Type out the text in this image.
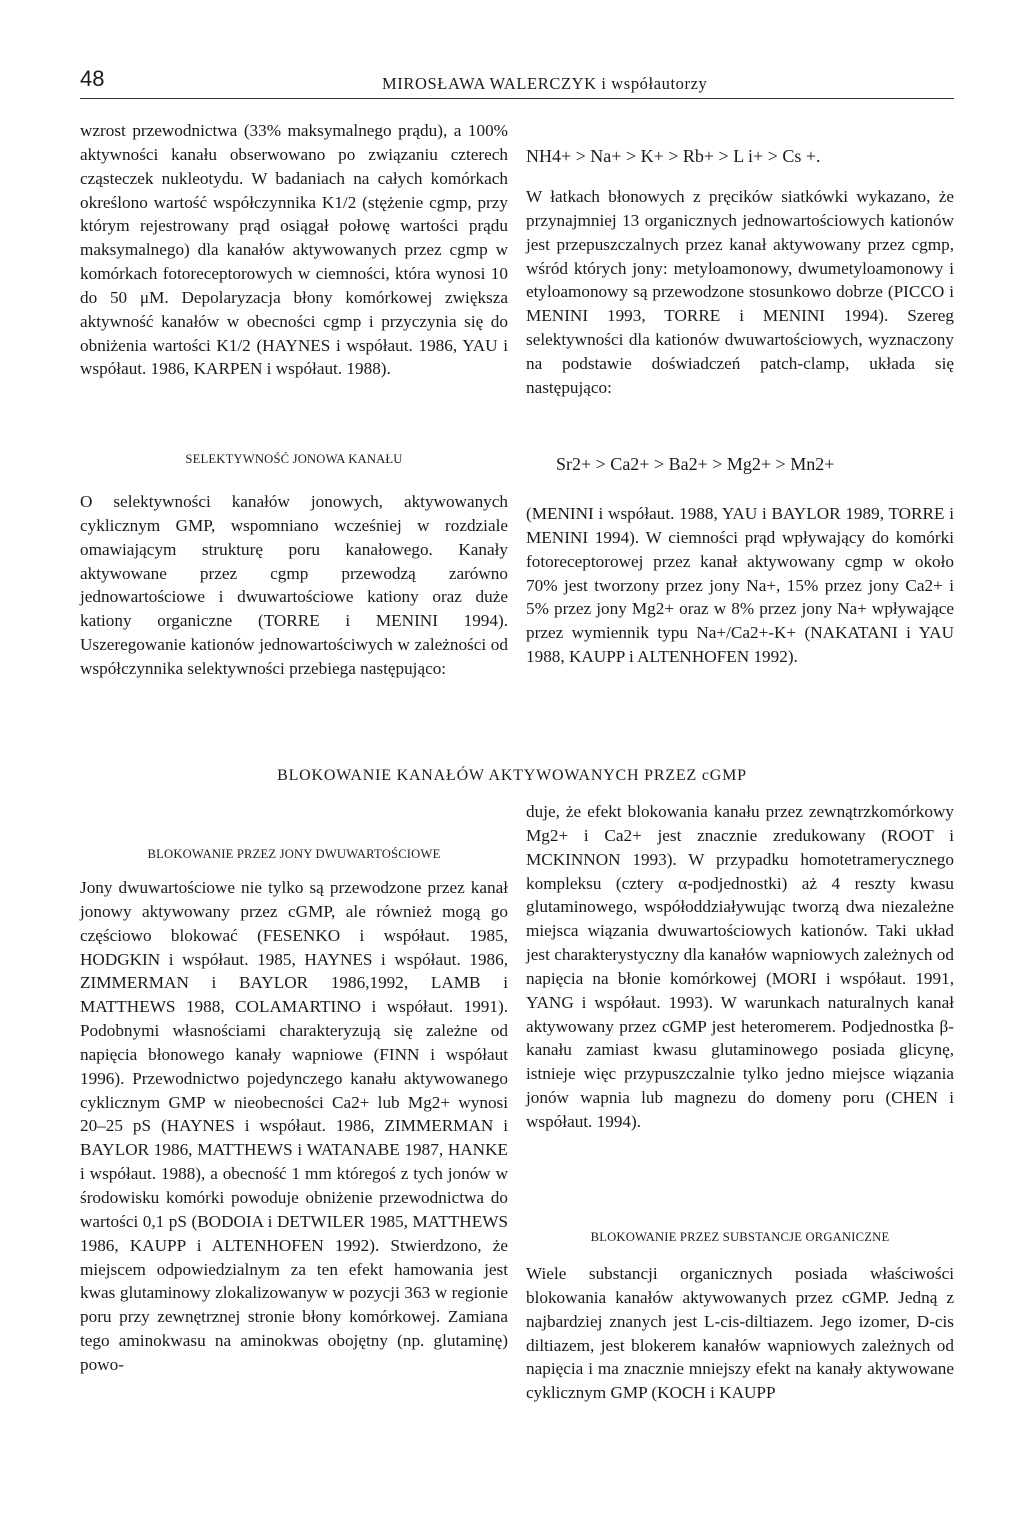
48	MIROSŁAWA WALERCZYK i współautorzy

wzrost przewodnictwa (33% maksymalnego prądu), a 100% aktywności kanału obserwowano po związaniu czterech cząsteczek nukleotydu. W badaniach na całych komórkach określono wartość współczynnika K1/2 (stężenie cgmp, przy którym rejestrowany prąd osiągał połowę wartości prądu maksymalnego) dla kanałów aktywowanych przez cgmp w komórkach fotoreceptorowych w ciemności, która wynosi 10 do 50 μM. Depolaryzacja błony komórkowej zwiększa aktywność kanałów w obecności cgmp i przyczynia się do obniżenia wartości K1/2 (HAYNES i współaut. 1986, YAU i współaut. 1986, KARPEN i współaut. 1988).

SELEKTYWNOŚĆ JONOWA KANAŁU

O selektywności kanałów jonowych, aktywowanych cyklicznym GMP, wspomniano wcześniej w rozdziale omawiającym strukturę poru kanałowego. Kanały aktywowane przez cgmp przewodzą zarówno jednowartościowe i dwuwartościowe kationy oraz duże kationy organiczne (TORRE i MENINI 1994). Uszeregowanie kationów jednowartościwych w zależności od współczynnika selektywności przebiega następująco:

NH4+ > Na+ > K+ > Rb+ > L i+ > Cs +.

W łatkach błonowych z pręcików siatkówki wykazano, że przynajmniej 13 organicznych jednowartościowych kationów jest przepuszczalnych przez kanał aktywowany przez cgmp, wśród których jony: metyloamonowy, dwumetyloamonowy i etyloamonowy są przewodzone stosunkowo dobrze (PICCO i MENINI 1993, TORRE i MENINI 1994). Szereg selektywności dla kationów dwuwartościowych, wyznaczony na podstawie doświadczeń patch-clamp, układa się następująco:

Sr2+ > Ca2+ > Ba2+ > Mg2+ > Mn2+

(MENINI i współaut. 1988, YAU i BAYLOR 1989, TORRE i MENINI 1994). W ciemności prąd wpływający do komórki fotoreceptorowej przez kanał aktywowany cgmp w około 70% jest tworzony przez jony Na+, 15% przez jony Ca2+ i 5% przez jony Mg2+ oraz w 8% przez jony Na+ wpływające przez wymiennik typu Na+/Ca2+-K+ (NAKATANI i YAU 1988, KAUPP i ALTENHOFEN 1992).

BLOKOWANIE KANAŁÓW AKTYWOWANYCH PRZEZ cGMP

BLOKOWANIE PRZEZ JONY DWUWARTOŚCIOWE

Jony dwuwartościowe nie tylko są przewodzone przez kanał jonowy aktywowany przez cGMP, ale również mogą go częściowo blokować (FESENKO i współaut. 1985, HODGKIN i współaut. 1985, HAYNES i współaut. 1986, ZIMMERMAN i BAYLOR 1986,1992, LAMB i MATTHEWS 1988, COLAMARTINO i współaut. 1991). Podobnymi własnościami charakteryzują się zależne od napięcia błonowego kanały wapniowe (FINN i współaut 1996). Przewodnictwo pojedynczego kanału aktywowanego cyklicznym GMP w nieobecności Ca2+ lub Mg2+ wynosi 20–25 pS (HAYNES i współaut. 1986, ZIMMERMAN i BAYLOR 1986, MATTHEWS i WATANABE 1987, HANKE i współaut. 1988), a obecność 1 mm któregoś z tych jonów w środowisku komórki powoduje obniżenie przewodnictwa do wartości 0,1 pS (BODOIA i DETWILER 1985, MATTHEWS 1986, KAUPP i ALTENHOFEN 1992). Stwierdzono, że miejscem odpowiedzialnym za ten efekt hamowania jest kwas glutaminowy zlokalizowanyw w pozycji 363 w regionie poru przy zewnętrznej stronie błony komórkowej. Zamiana tego aminokwasu na aminokwas obojętny (np. glutaminę) powo-

duje, że efekt blokowania kanału przez zewnątrzkomórkowy Mg2+ i Ca2+ jest znacznie zredukowany (ROOT i MCKINNON 1993). W przypadku homotetramerycznego kompleksu (cztery α-podjednostki) aż 4 reszty kwasu glutaminowego, współoddziaływując tworzą dwa niezależne miejsca wiązania dwuwartościowych kationów. Taki układ jest charakterystyczny dla kanałów wapniowych zależnych od napięcia na błonie komórkowej (MORI i współaut. 1991, YANG i współaut. 1993). W warunkach naturalnych kanał aktywowany przez cGMP jest heteromerem. Podjednostka β-kanału zamiast kwasu glutaminowego posiada glicynę, istnieje więc przypuszczalnie tylko jedno miejsce wiązania jonów wapnia lub magnezu do domeny poru (CHEN i współaut. 1994).

BLOKOWANIE PRZEZ SUBSTANCJE ORGANICZNE

Wiele substancji organicznych posiada właściwości blokowania kanałów aktywowanych przez cGMP. Jedną z najbardziej znanych jest L-cis-diltiazem. Jego izomer, D-cis diltiazem, jest blokerem kanałów wapniowych zależnych od napięcia i ma znacznie mniejszy efekt na kanały aktywowane cyklicznym GMP (KOCH i KAUPP
